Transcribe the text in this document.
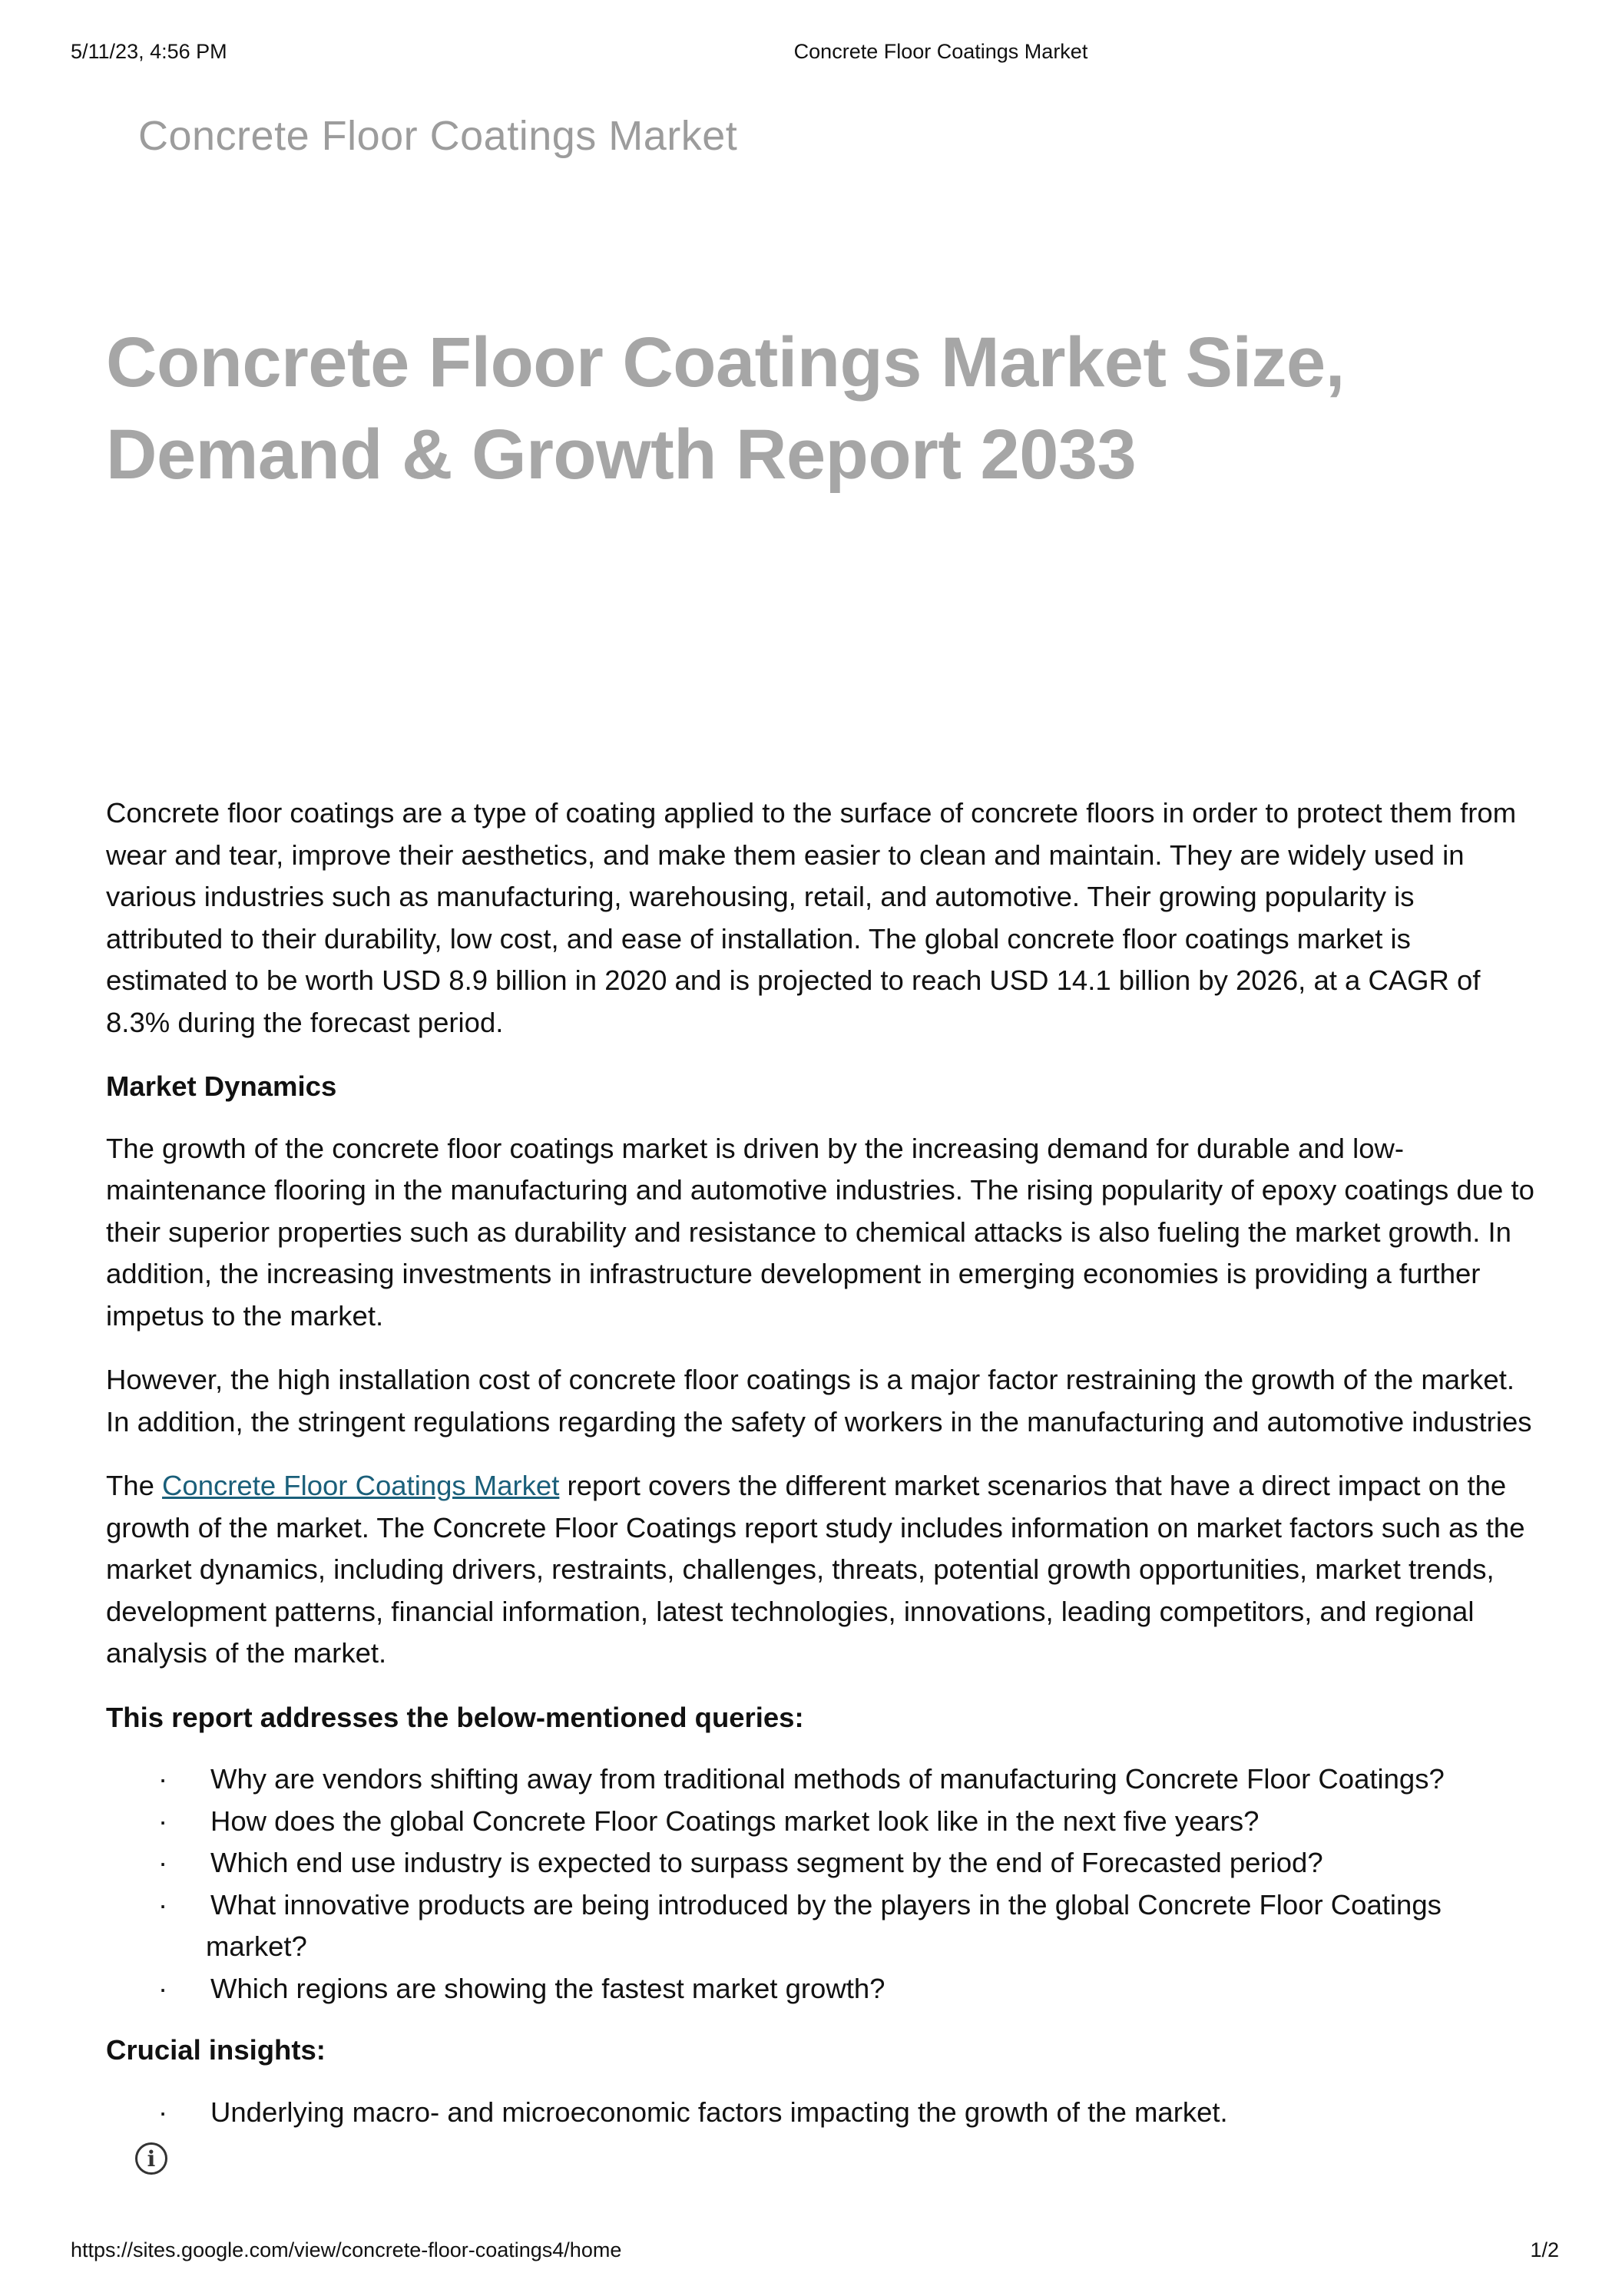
5/11/23, 4:56 PM	Concrete Floor Coatings Market
Concrete Floor Coatings Market
Concrete Floor Coatings Market Size, Demand & Growth Report 2033

Concrete floor coatings are a type of coating applied to the surface of concrete floors in order to protect them from wear and tear, improve their aesthetics, and make them easier to clean and maintain. They are widely used in various industries such as manufacturing, warehousing, retail, and automotive. Their growing popularity is attributed to their durability, low cost, and ease of installation. The global concrete floor coatings market is estimated to be worth USD 8.9 billion in 2020 and is projected to reach USD 14.1 billion by 2026, at a CAGR of 8.3% during the forecast period.

Market Dynamics

The growth of the concrete floor coatings market is driven by the increasing demand for durable and low-maintenance flooring in the manufacturing and automotive industries. The rising popularity of epoxy coatings due to their superior properties such as durability and resistance to chemical attacks is also fueling the market growth. In addition, the increasing investments in infrastructure development in emerging economies is providing a further impetus to the market.

However, the high installation cost of concrete floor coatings is a major factor restraining the growth of the market. In addition, the stringent regulations regarding the safety of workers in the manufacturing and automotive industries

The Concrete Floor Coatings Market report covers the different market scenarios that have a direct impact on the growth of the market. The Concrete Floor Coatings report study includes information on market factors such as the market dynamics, including drivers, restraints, challenges, threats, potential growth opportunities, market trends, development patterns, financial information, latest technologies, innovations, leading competitors, and regional analysis of the market.

This report addresses the below-mentioned queries:
· Why are vendors shifting away from traditional methods of manufacturing Concrete Floor Coatings?
· How does the global Concrete Floor Coatings market look like in the next five years?
· Which end use industry is expected to surpass segment by the end of Forecasted period?
· What innovative products are being introduced by the players in the global Concrete Floor Coatings market?
· Which regions are showing the fastest market growth?
Crucial insights:
· Underlying macro- and microeconomic factors impacting the growth of the market.
i
https://sites.google.com/view/concrete-floor-coatings4/home	1/2
